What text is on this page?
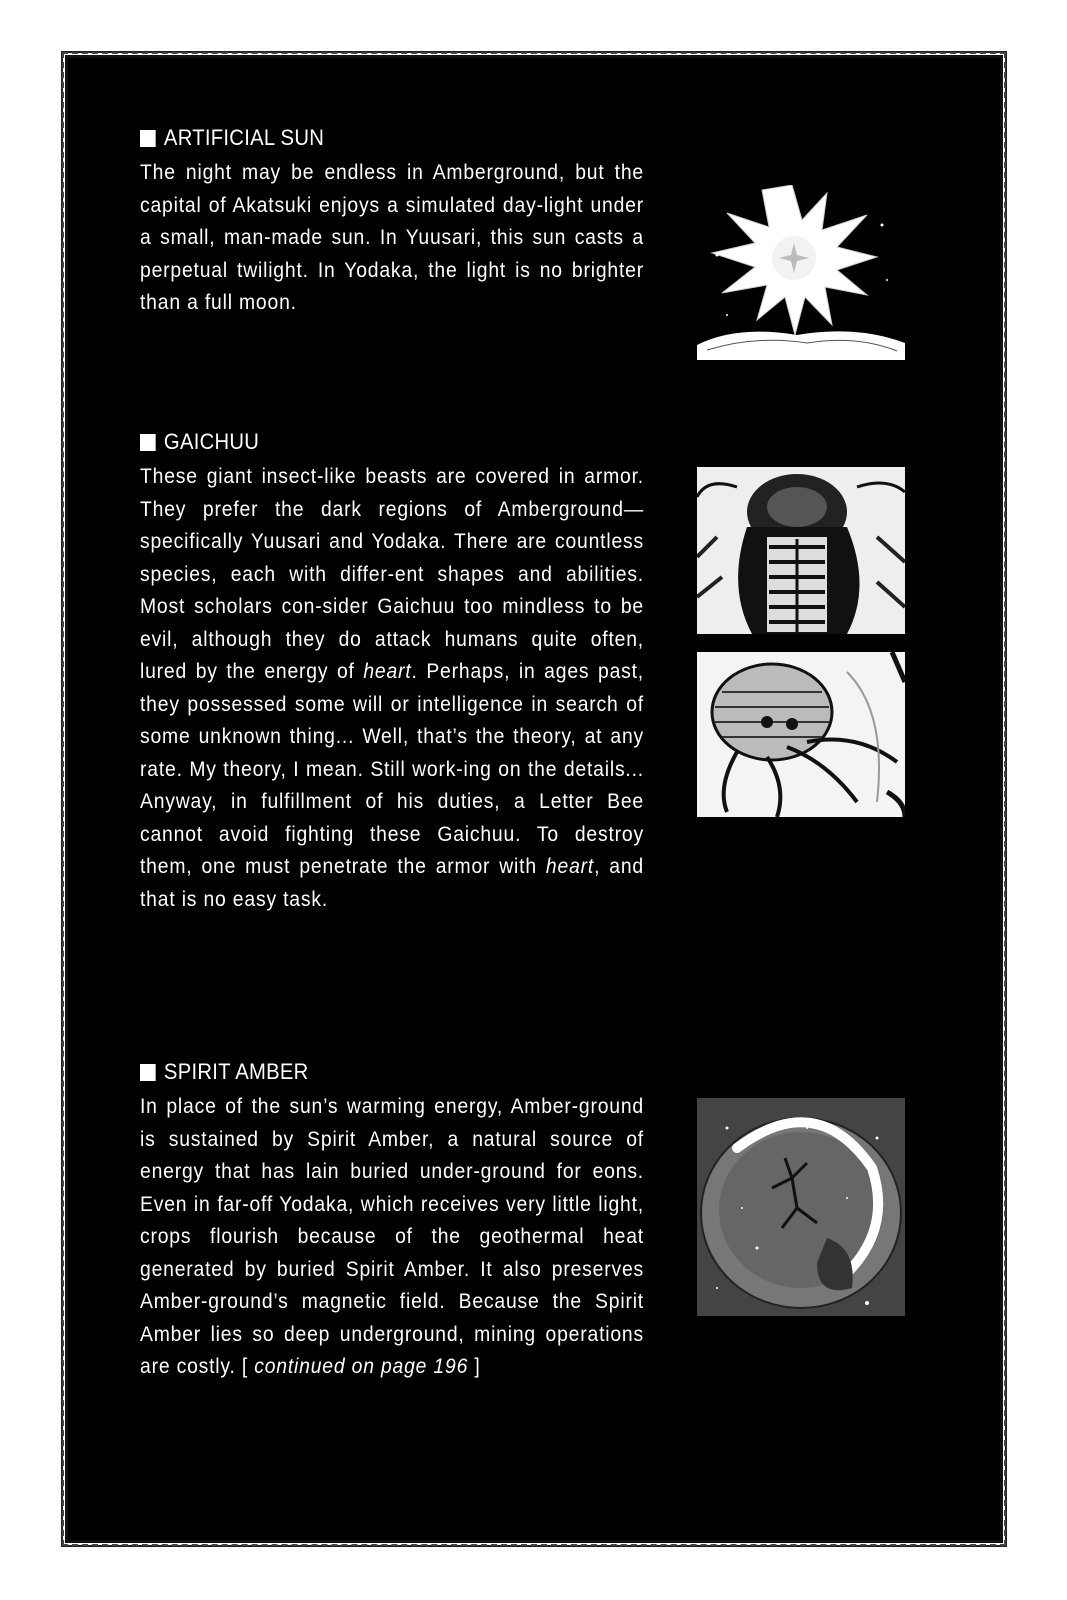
ARTIFICIAL SUN

The night may be endless in Amberground, but the capital of Akatsuki enjoys a simulated day-light under a small, man-made sun. In Yuusari, this sun casts a perpetual twilight. In Yodaka, the light is no brighter than a full moon.

GAICHUU

These giant insect-like beasts are covered in armor. They prefer the dark regions of Amberground—specifically Yuusari and Yodaka. There are countless species, each with differ-ent shapes and abilities. Most scholars con-sider Gaichuu too mindless to be evil, although they do attack humans quite often, lured by the energy of heart. Perhaps, in ages past, they possessed some will or intelligence in search of some unknown thing... Well, that’s the theory, at any rate. My theory, I mean. Still work-ing on the details... Anyway, in fulfillment of his duties, a Letter Bee cannot avoid fighting these Gaichuu. To destroy them, one must penetrate the armor with heart, and that is no easy task.

SPIRIT AMBER

In place of the sun’s warming energy, Amber-ground is sustained by Spirit Amber, a natural source of energy that has lain buried under-ground for eons. Even in far-off Yodaka, which receives very little light, crops flourish because of the geothermal heat generated by buried Spirit Amber. It also preserves Amber-ground’s magnetic field. Because the Spirit Amber lies so deep underground, mining operations are costly. [ continued on page 196 ]
